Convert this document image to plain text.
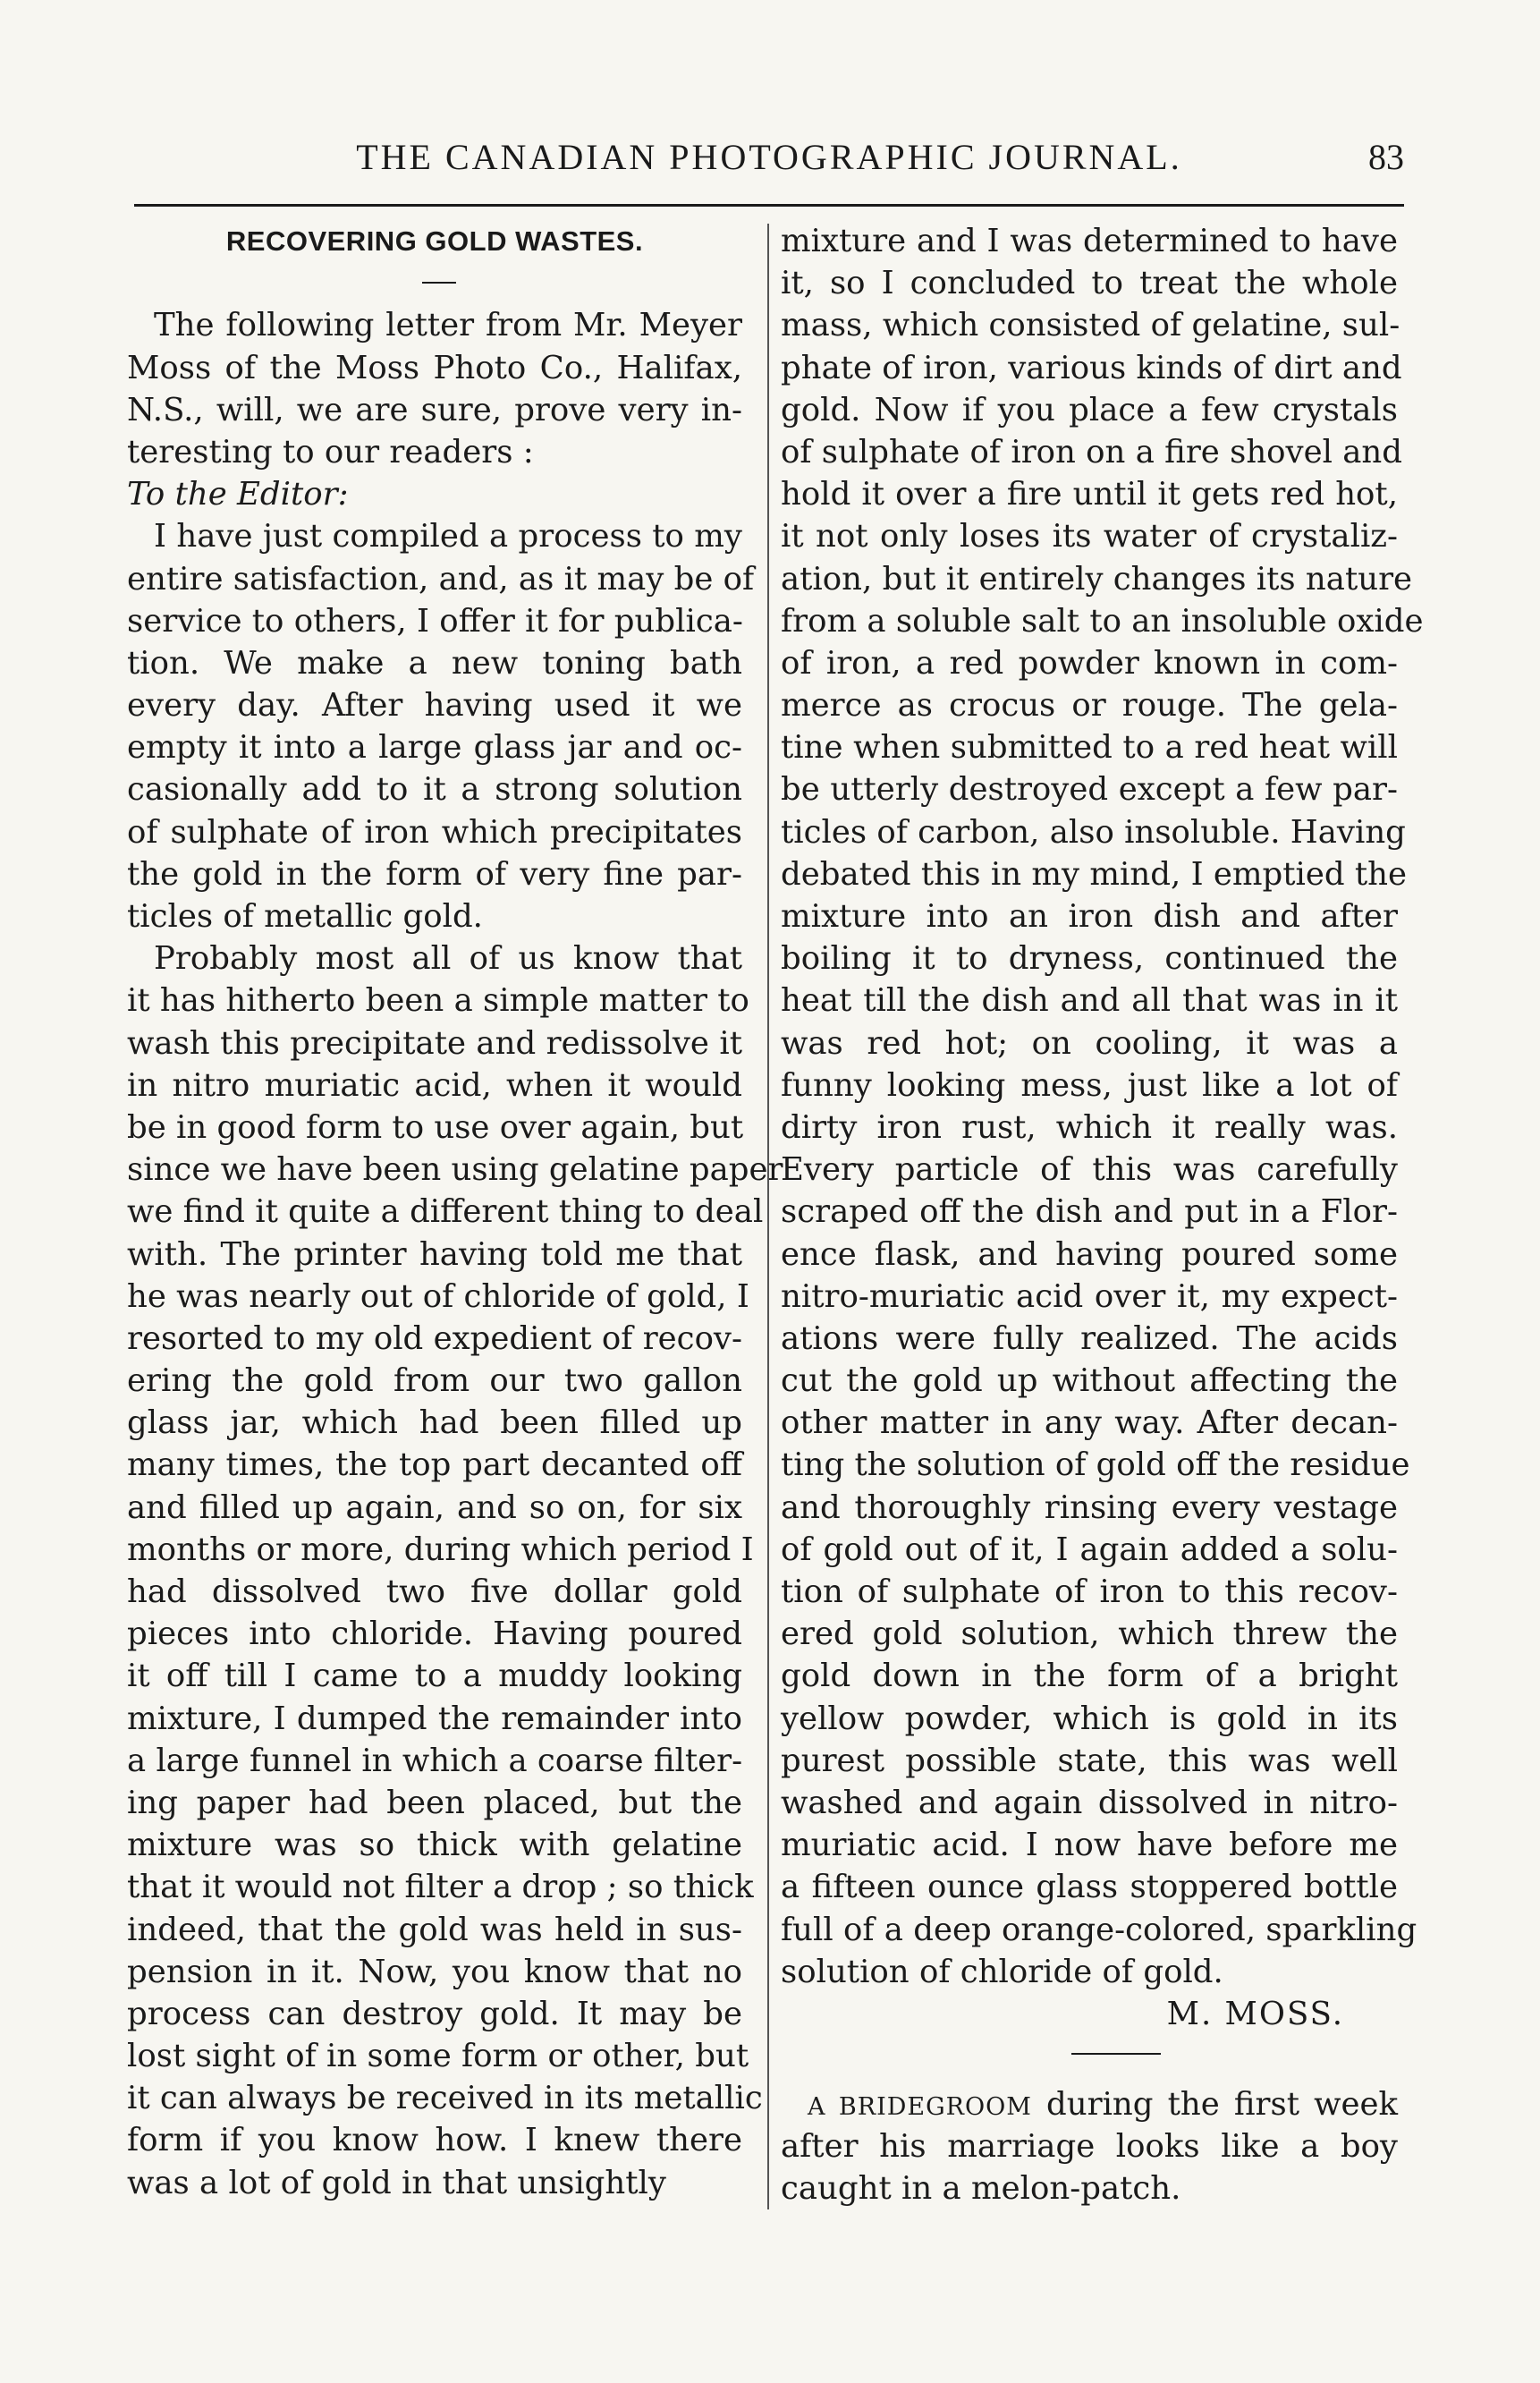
THE CANADIAN PHOTOGRAPHIC JOURNAL.	83
RECOVERING GOLD WASTES.
The following letter from Mr. Meyer
Moss of the Moss Photo Co., Halifax,
N.S., will, we are sure, prove very in-
teresting to our readers :
To the Editor:
I have just compiled a process to my
entire satisfaction, and, as it may be of
service to others, I offer it for publica-
tion. We make a new toning bath
every day. After having used it we
empty it into a large glass jar and oc-
casionally add to it a strong solution
of sulphate of iron which precipitates
the gold in the form of very fine par-
ticles of metallic gold.
Probably most all of us know that
it has hitherto been a simple matter to
wash this precipitate and redissolve it
in nitro muriatic acid, when it would
be in good form to use over again, but
since we have been using gelatine paper
we find it quite a different thing to deal
with. The printer having told me that
he was nearly out of chloride of gold, I
resorted to my old expedient of recov-
ering the gold from our two gallon
glass jar, which had been filled up
many times, the top part decanted off
and filled up again, and so on, for six
months or more, during which period I
had dissolved two five dollar gold
pieces into chloride. Having poured
it off till I came to a muddy looking
mixture, I dumped the remainder into
a large funnel in which a coarse filter-
ing paper had been placed, but the
mixture was so thick with gelatine
that it would not filter a drop ; so thick
indeed, that the gold was held in sus-
pension in it. Now, you know that no
process can destroy gold. It may be
lost sight of in some form or other, but
it can always be received in its metallic
form if you know how. I knew there
was a lot of gold in that unsightly
mixture and I was determined to have
it, so I concluded to treat the whole
mass, which consisted of gelatine, sul-
phate of iron, various kinds of dirt and
gold. Now if you place a few crystals
of sulphate of iron on a fire shovel and
hold it over a fire until it gets red hot,
it not only loses its water of crystaliz-
ation, but it entirely changes its nature
from a soluble salt to an insoluble oxide
of iron, a red powder known in com-
merce as crocus or rouge. The gela-
tine when submitted to a red heat will
be utterly destroyed except a few par-
ticles of carbon, also insoluble. Having
debated this in my mind, I emptied the
mixture into an iron dish and after
boiling it to dryness, continued the
heat till the dish and all that was in it
was red hot; on cooling, it was a
funny looking mess, just like a lot of
dirty iron rust, which it really was.
Every particle of this was carefully
scraped off the dish and put in a Flor-
ence flask, and having poured some
nitro-muriatic acid over it, my expect-
ations were fully realized. The acids
cut the gold up without affecting the
other matter in any way. After decan-
ting the solution of gold off the residue
and thoroughly rinsing every vestage
of gold out of it, I again added a solu-
tion of sulphate of iron to this recov-
ered gold solution, which threw the
gold down in the form of a bright
yellow powder, which is gold in its
purest possible state, this was well
washed and again dissolved in nitro-
muriatic acid. I now have before me
a fifteen ounce glass stoppered bottle
full of a deep orange-colored, sparkling
solution of chloride of gold.
M. MOSS.
A BRIDEGROOM during the first week
after his marriage looks like a boy
caught in a melon-patch.
